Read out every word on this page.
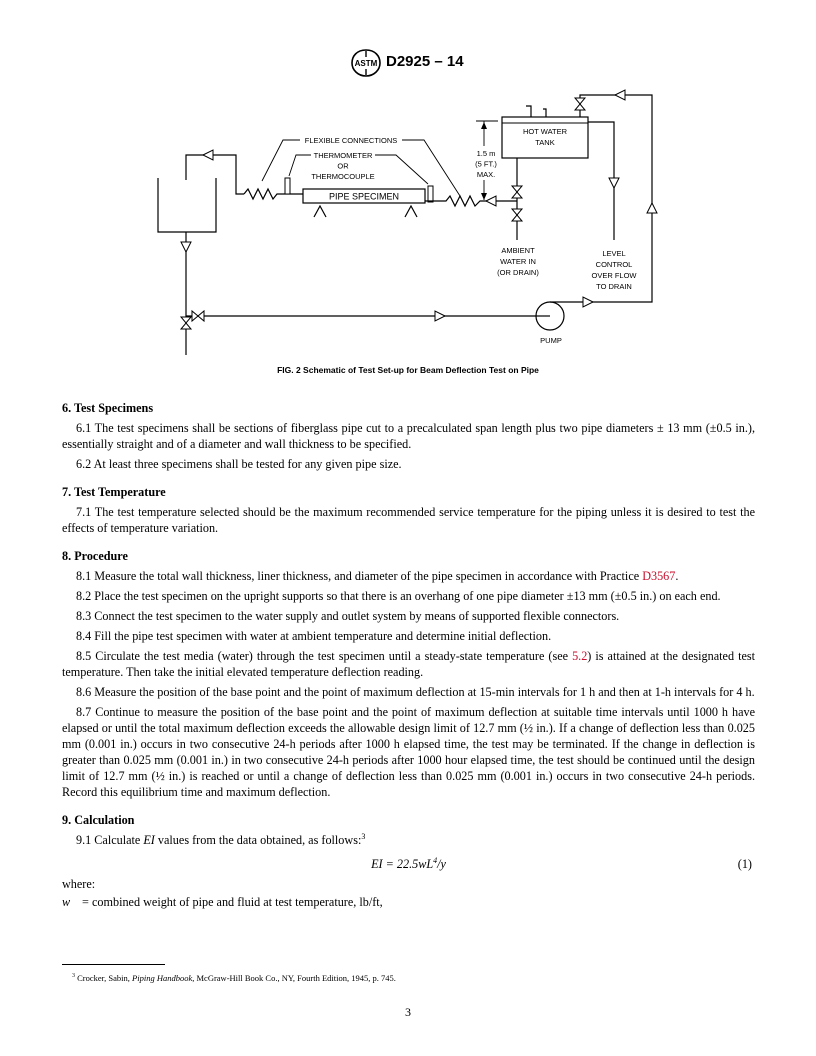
PIPE SPECIMEN
FLEXIBLE CONNECTIONS
THERMOMETER
OR
THERMOCOUPLE
1.5 m
(5 FT.)
MAX.
HOT WATER
TANK
LEVEL
CONTROL
OVER FLOW
TO DRAIN
AMBIENT
WATER IN
(OR DRAIN)
PUMP
ASTM D2925 – 14
FIG. 2 Schematic of Test Set-up for Beam Deflection Test on Pipe
6. Test Specimens

6.1 The test specimens shall be sections of fiberglass pipe cut to a precalculated span length plus two pipe diameters ± 13 mm (±0.5 in.), essentially straight and of a diameter and wall thickness to be specified.

6.2 At least three specimens shall be tested for any given pipe size.

7. Test Temperature

7.1 The test temperature selected should be the maximum recommended service temperature for the piping unless it is desired to test the effects of temperature variation.

8. Procedure

8.1 Measure the total wall thickness, liner thickness, and diameter of the pipe specimen in accordance with Practice D3567.

8.2 Place the test specimen on the upright supports so that there is an overhang of one pipe diameter ±13 mm (±0.5 in.) on each end.

8.3 Connect the test specimen to the water supply and outlet system by means of supported flexible connectors.

8.4 Fill the pipe test specimen with water at ambient temperature and determine initial deflection.

8.5 Circulate the test media (water) through the test specimen until a steady-state temperature (see 5.2) is attained at the designated test temperature. Then take the initial elevated temperature deflection reading.

8.6 Measure the position of the base point and the point of maximum deflection at 15-min intervals for 1 h and then at 1-h intervals for 4 h.

8.7 Continue to measure the position of the base point and the point of maximum deflection at suitable time intervals until 1000 h have elapsed or until the total maximum deflection exceeds the allowable design limit of 12.7 mm (½ in.). If a change of deflection less than 0.025 mm (0.001 in.) occurs in two consecutive 24-h periods after 1000 h elapsed time, the test may be terminated. If the change in deflection is greater than 0.025 mm (0.001 in.) in two consecutive 24-h periods after 1000 hour elapsed time, the test should be continued until the design limit of 12.7 mm (½ in.) is reached or until a change of deflection less than 0.025 mm (0.001 in.) occurs in two consecutive 24-h periods. Record this equilibrium time and maximum deflection.

9. Calculation

9.1 Calculate EI values from the data obtained, as follows:$^3$

EI = $22.5wL^4/y$	(1)

where:

w = combined weight of pipe and fluid at test temperature, lb/ft,

$^3$ Crocker, Sabin, Piping Handbook, McGraw-Hill Book Co., NY, Fourth Edition, 1945, p. 745.
3
